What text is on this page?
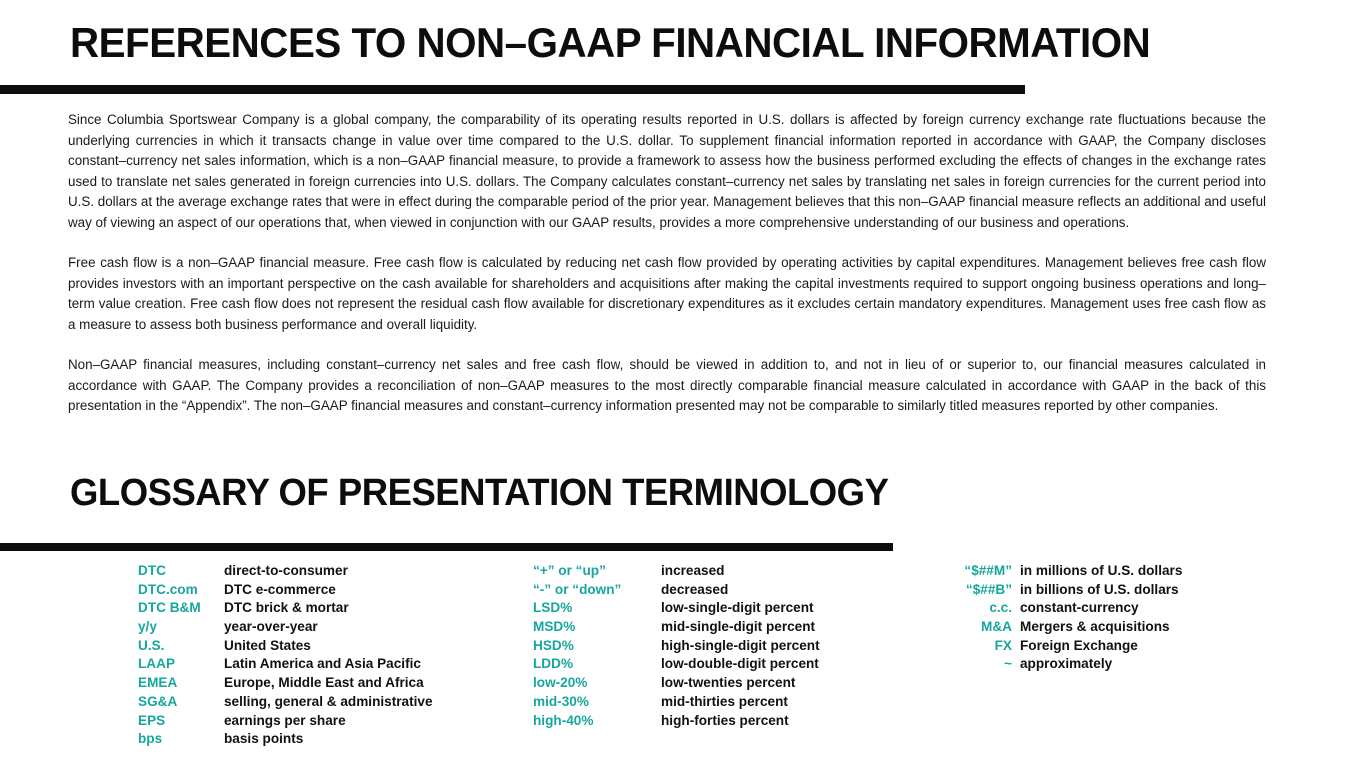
REFERENCES TO NON–GAAP FINANCIAL INFORMATION

Since Columbia Sportswear Company is a global company, the comparability of its operating results reported in U.S. dollars is affected by foreign currency exchange rate fluctuations because the underlying currencies in which it transacts change in value over time compared to the U.S. dollar. To supplement financial information reported in accordance with GAAP, the Company discloses constant–currency net sales information, which is a non–GAAP financial measure, to provide a framework to assess how the business performed excluding the effects of changes in the exchange rates used to translate net sales generated in foreign currencies into U.S. dollars. The Company calculates constant–currency net sales by translating net sales in foreign currencies for the current period into U.S. dollars at the average exchange rates that were in effect during the comparable period of the prior year. Management believes that this non–GAAP financial measure reflects an additional and useful way of viewing an aspect of our operations that, when viewed in conjunction with our GAAP results, provides a more comprehensive understanding of our business and operations.

Free cash flow is a non–GAAP financial measure. Free cash flow is calculated by reducing net cash flow provided by operating activities by capital expenditures. Management believes free cash flow provides investors with an important perspective on the cash available for shareholders and acquisitions after making the capital investments required to support ongoing business operations and long–term value creation. Free cash flow does not represent the residual cash flow available for discretionary expenditures as it excludes certain mandatory expenditures. Management uses free cash flow as a measure to assess both business performance and overall liquidity.

Non–GAAP financial measures, including constant–currency net sales and free cash flow, should be viewed in addition to, and not in lieu of or superior to, our financial measures calculated in accordance with GAAP. The Company provides a reconciliation of non–GAAP measures to the most directly comparable financial measure calculated in accordance with GAAP in the back of this presentation in the “Appendix”. The non–GAAP financial measures and constant–currency information presented may not be comparable to similarly titled measures reported by other companies.

GLOSSARY OF PRESENTATION TERMINOLOGY
DTC	direct-to-consumer
DTC.com	DTC e-commerce
DTC B&M	DTC brick & mortar
y/y	year-over-year
U.S.	United States
LAAP	Latin America and Asia Pacific
EMEA	Europe, Middle East and Africa
SG&A	selling, general & administrative
EPS	earnings per share
bps	basis points
“+” or “up”	increased
“-” or “down”	decreased
LSD%	low-single-digit percent
MSD%	mid-single-digit percent
HSD%	high-single-digit percent
LDD%	low-double-digit percent
low-20%	low-twenties percent
mid-30%	mid-thirties percent
high-40%	high-forties percent
“$##M” in millions of U.S. dollars
“$##B” in billions of U.S. dollars
c.c. constant-currency
M&A Mergers & acquisitions
FX Foreign Exchange
~ approximately
